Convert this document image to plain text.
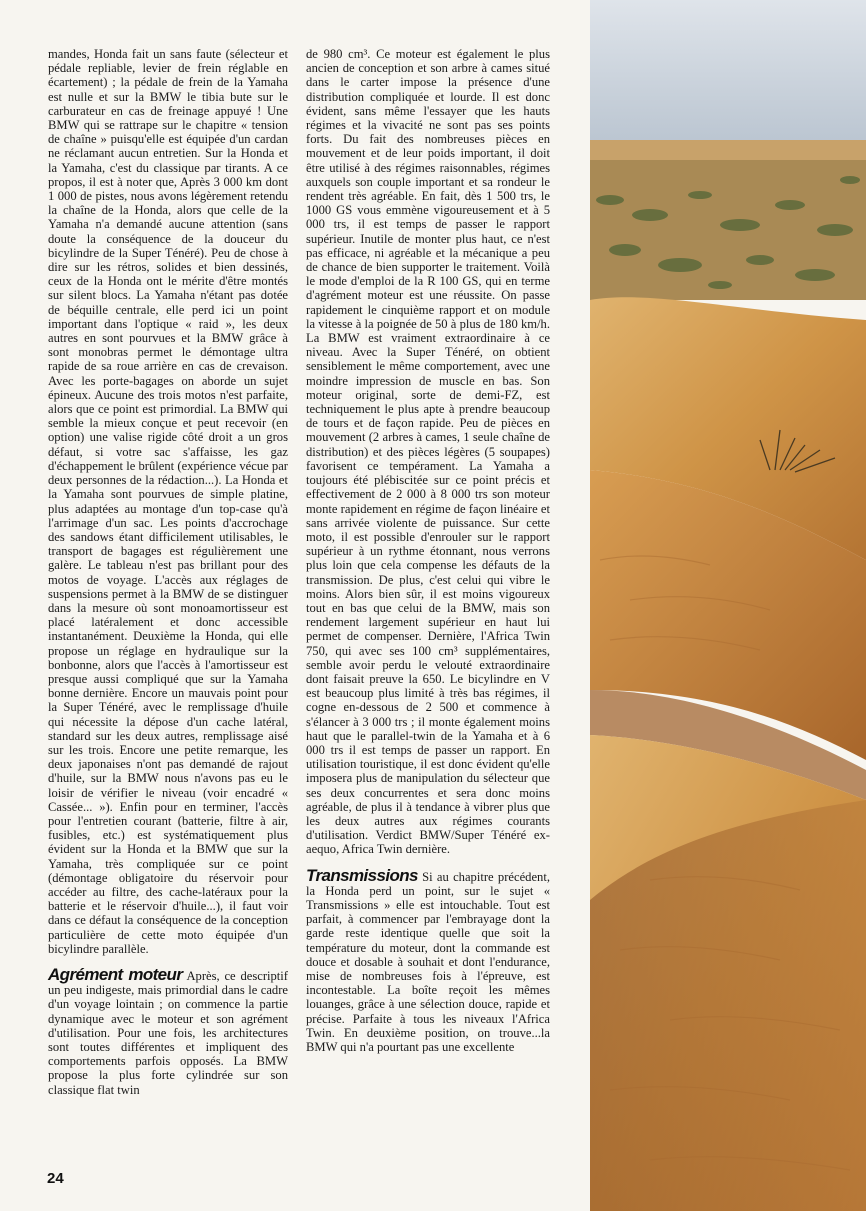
mandes, Honda fait un sans faute (sélecteur et pédale repliable, levier de frein réglable en écartement) ; la pédale de frein de la Yamaha est nulle et sur la BMW le tibia bute sur le carburateur en cas de freinage appuyé ! Une BMW qui se rattrape sur le chapitre « tension de chaîne » puisqu'elle est équipée d'un cardan ne réclamant aucun entretien. Sur la Honda et la Yamaha, c'est du classique par tirants. A ce propos, il est à noter que, Après 3 000 km dont 1 000 de pistes, nous avons légèrement retendu la chaîne de la Honda, alors que celle de la Yamaha n'a demandé aucune attention (sans doute la conséquence de la douceur du bicylindre de la Super Ténéré). Peu de chose à dire sur les rétros, solides et bien dessinés, ceux de la Honda ont le mérite d'être montés sur silent blocs. La Yamaha n'étant pas dotée de béquille centrale, elle perd ici un point important dans l'optique « raid », les deux autres en sont pourvues et la BMW grâce à sont monobras permet le démontage ultra rapide de sa roue arrière en cas de crevaison. Avec les porte-bagages on aborde un sujet épineux. Aucune des trois motos n'est parfaite, alors que ce point est primordial. La BMW qui semble la mieux conçue et peut recevoir (en option) une valise rigide côté droit a un gros défaut, si votre sac s'affaisse, les gaz d'échappement le brûlent (expérience vécue par deux personnes de la rédaction...). La Honda et la Yamaha sont pourvues de simple platine, plus adaptées au montage d'un top-case qu'à l'arrimage d'un sac. Les points d'accrochage des sandows étant difficilement utilisables, le transport de bagages est régulièrement une galère. Le tableau n'est pas brillant pour des motos de voyage. L'accès aux réglages de suspensions permet à la BMW de se distinguer dans la mesure où sont monoamortisseur est placé latéralement et donc accessible instantanément. Deuxième la Honda, qui elle propose un réglage en hydraulique sur la bonbonne, alors que l'accès à l'amortisseur est presque aussi compliqué que sur la Yamaha bonne dernière. Encore un mauvais point pour la Super Ténéré, avec le remplissage d'huile qui nécessite la dépose d'un cache latéral, standard sur les deux autres, remplissage aisé sur les trois. Encore une petite remarque, les deux japonaises n'ont pas demandé de rajout d'huile, sur la BMW nous n'avons pas eu le loisir de vérifier le niveau (voir encadré « Cassée... »). Enfin pour en terminer, l'accès pour l'entretien courant (batterie, filtre à air, fusibles, etc.) est systématiquement plus évident sur la Honda et la BMW que sur la Yamaha, très compliquée sur ce point (démontage obligatoire du réservoir pour accéder au filtre, des cache-latéraux pour la batterie et le réservoir d'huile...), il faut voir dans ce défaut la conséquence de la conception particulière de cette moto équipée d'un bicylindre parallèle.

Agrément moteur Après, ce descriptif un peu indigeste, mais primordial dans le cadre d'un voyage lointain ; on commence la partie dynamique avec le moteur et son agrément d'utilisation. Pour une fois, les architectures sont toutes différentes et impliquent des comportements parfois opposés. La BMW propose la plus forte cylindrée sur son classique flat twin

de 980 cm³. Ce moteur est également le plus ancien de conception et son arbre à cames situé dans le carter impose la présence d'une distribution compliquée et lourde. Il est donc évident, sans même l'essayer que les hauts régimes et la vivacité ne sont pas ses points forts. Du fait des nombreuses pièces en mouvement et de leur poids important, il doit être utilisé à des régimes raisonnables, régimes auxquels son couple important et sa rondeur le rendent très agréable. En fait, dès 1 500 trs, le 1000 GS vous emmène vigoureusement et à 5 000 trs, il est temps de passer le rapport supérieur. Inutile de monter plus haut, ce n'est pas efficace, ni agréable et la mécanique a peu de chance de bien supporter le traitement. Voilà le mode d'emploi de la R 100 GS, qui en terme d'agrément moteur est une réussite. On passe rapidement le cinquième rapport et on module la vitesse à la poignée de 50 à plus de 180 km/h. La BMW est vraiment extraordinaire à ce niveau. Avec la Super Ténéré, on obtient sensiblement le même comportement, avec une moindre impression de muscle en bas. Son moteur original, sorte de demi-FZ, est techniquement le plus apte à prendre beaucoup de tours et de façon rapide. Peu de pièces en mouvement (2 arbres à cames, 1 seule chaîne de distribution) et des pièces légères (5 soupapes) favorisent ce tempérament. La Yamaha a toujours été plébiscitée sur ce point précis et effectivement de 2 000 à 8 000 trs son moteur monte rapidement en régime de façon linéaire et sans arrivée violente de puissance. Sur cette moto, il est possible d'enrouler sur le rapport supérieur à un rythme étonnant, nous verrons plus loin que cela compense les défauts de la transmission. De plus, c'est celui qui vibre le moins. Alors bien sûr, il est moins vigoureux tout en bas que celui de la BMW, mais son rendement largement supérieur en haut lui permet de compenser. Dernière, l'Africa Twin 750, qui avec ses 100 cm³ supplémentaires, semble avoir perdu le velouté extraordinaire dont faisait preuve la 650. Le bicylindre en V est beaucoup plus limité à très bas régimes, il cogne en-dessous de 2 500 et commence à s'élancer à 3 000 trs ; il monte également moins haut que le parallel-twin de la Yamaha et à 6 000 trs il est temps de passer un rapport. En utilisation touristique, il est donc évident qu'elle imposera plus de manipulation du sélecteur que ses deux concurrentes et sera donc moins agréable, de plus il à tendance à vibrer plus que les deux autres aux régimes courants d'utilisation. Verdict BMW/Super Ténéré ex-aequo, Africa Twin dernière.

Transmissions Si au chapitre précédent, la Honda perd un point, sur le sujet « Transmissions » elle est intouchable. Tout est parfait, à commencer par l'embrayage dont la garde reste identique quelle que soit la température du moteur, dont la commande est douce et dosable à souhait et dont l'endurance, mise de nombreuses fois à l'épreuve, est incontestable. La boîte reçoit les mêmes louanges, grâce à une sélection douce, rapide et précise. Parfaite à tous les niveaux l'Africa Twin. En deuxième position, on trouve...la BMW qui n'a pourtant pas une excellente

24
